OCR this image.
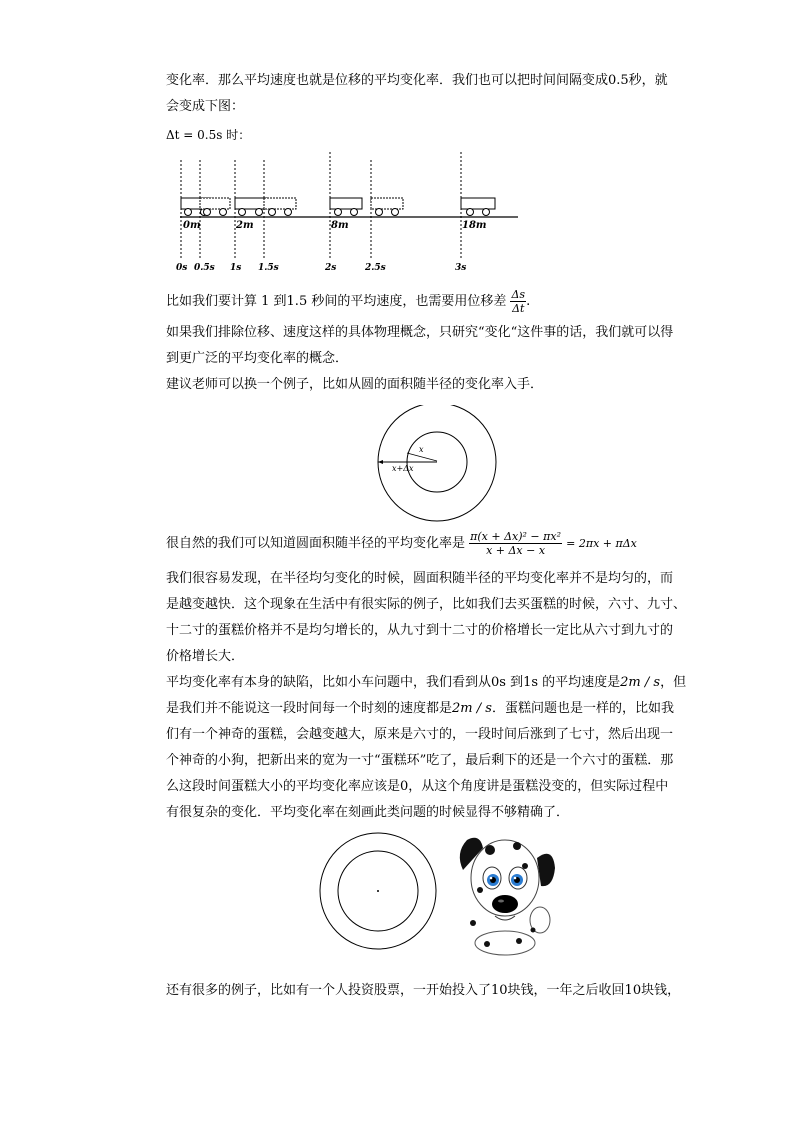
变化率．那么平均速度也就是位移的平均变化率．我们也可以把时间间隔变成0.5秒，就
会变成下图：
Δt = 0.5s 时：
0m	2m	8m	18m
0s 0.5s 1s 1.5s	2s	2.5s	3s
比如我们要计算 1 到1.5 秒间的平均速度，也需要用位移差 $\frac{\Delta s}{\Delta t}$ .
如果我们排除位移、速度这样的具体物理概念，只研究“变化“这件事的话，我们就可以得
到更广泛的平均变化率的概念．
建议老师可以换一个例子，比如从圆的面积随半径的变化率入手．
x
x+Δx
很自然的我们可以知道圆面积随半径的平均变化率是 $\frac{\text{π(x + Δx)² − πx²}}{x + \Delta x - x} = 2\pi x + \pi\Delta x$
我们很容易发现，在半径均匀变化的时候，圆面积随半径的平均变化率并不是均匀的，而
是越变越快．这个现象在生活中有很实际的例子，比如我们去买蛋糕的时候，六寸、九寸、
十二寸的蛋糕价格并不是均匀增长的，从九寸到十二寸的价格增长一定比从六寸到九寸的
价格增长大．
平均变化率有本身的缺陷，比如小车问题中，我们看到从0s 到1s 的平均速度是2m / s，但
是我们并不能说这一段时间每一个时刻的速度都是2m / s．蛋糕问题也是一样的，比如我
们有一个神奇的蛋糕，会越变越大，原来是六寸的，一段时间后涨到了七寸，然后出现一
个神奇的小狗，把新出来的宽为一寸“蛋糕环”吃了，最后剩下的还是一个六寸的蛋糕．那
么这段时间蛋糕大小的平均变化率应该是0，从这个角度讲是蛋糕没变的，但实际过程中
有很复杂的变化．平均变化率在刻画此类问题的时候显得不够精确了．
还有很多的例子，比如有一个人投资股票，一开始投入了10块钱，一年之后收回10块钱，
